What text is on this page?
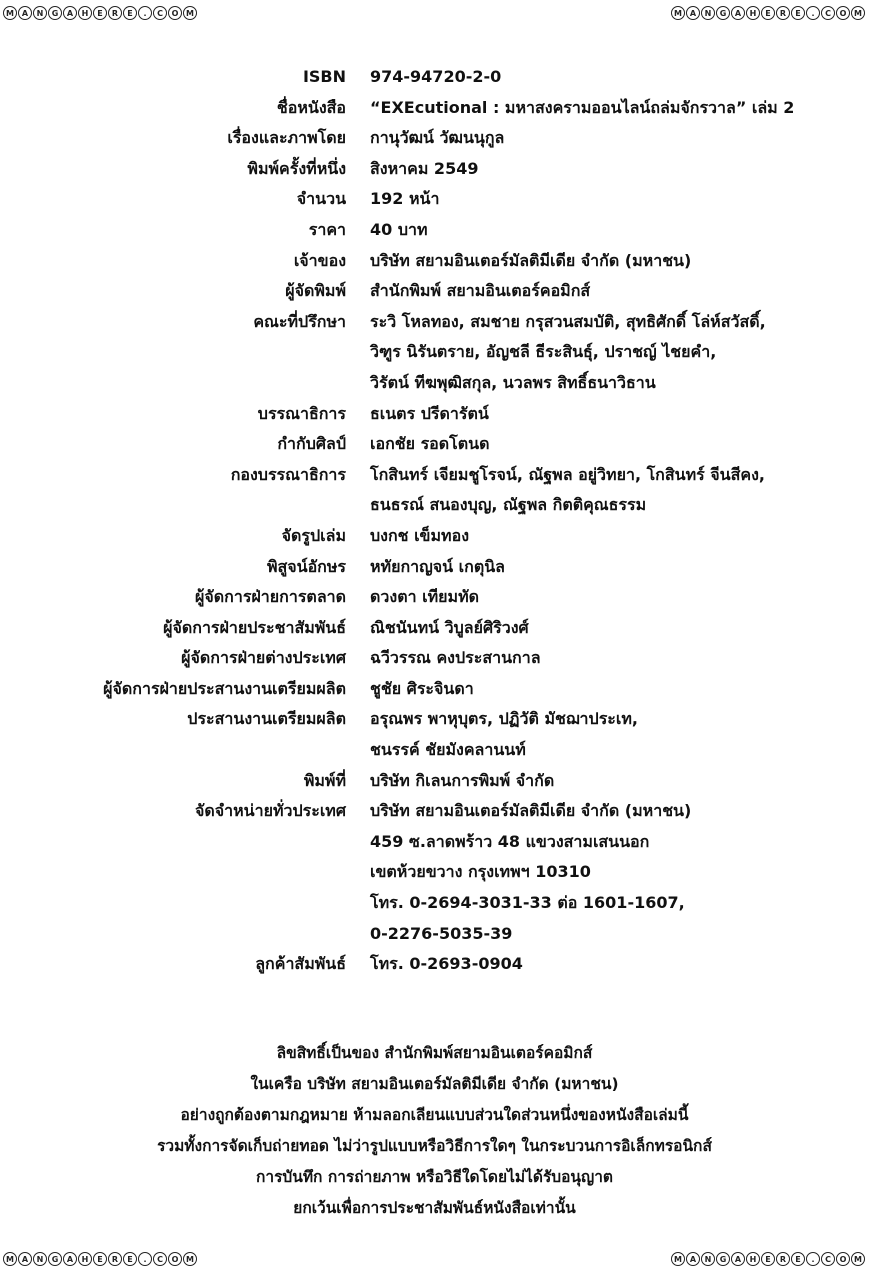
M A	N	G	A	H	E	R	E	.	C	O M	M A	N	G	A	H	E	R	E	.	C	O M
M A	N	G	A	H	E	R	E	.	C	O M	M A	N	G	A	H	E	R	E	.	C	O M
ISBN 974-94720-2-0
ชื่อหนังสือ “EXEcutional : มหาสงครามออนไลน์ถล่มจักรวาล” เล่ม 2
เรื่องและภาพโดย กานุวัฒน์ วัฒนนุกูล
พิมพ์ครั้งที่หนึ่ง สิงหาคม 2549
จำนวน 192 หน้า
ราคา 40 บาท
เจ้าของ บริษัท สยามอินเตอร์มัลติมีเดีย จำกัด (มหาชน)
ผู้จัดพิมพ์ สำนักพิมพ์ สยามอินเตอร์คอมิกส์
คณะที่ปรึกษา ระวิ โหลทอง, สมชาย กรุสวนสมบัติ, สุทธิศักดิ์ โล่ห์สวัสดิ์,
วิฑูร นิรันตราย, อัญชลี ธีระสินธุ์, ปราชญ์ ไชยคำ,
วิรัตน์ ทีฆพุฒิสกุล, นวลพร สิทธิ์ธนาวิธาน
บรรณาธิการ ธเนตร ปรีดารัตน์
กำกับศิลป์ เอกชัย รอดโตนด
กองบรรณาธิการ โกสินทร์ เจียมชูโรจน์, ณัฐพล อยู่วิทยา, โกสินทร์ จีนสีคง,
ธนธรณ์ สนองบุญ, ณัฐพล กิตติคุณธรรม
จัดรูปเล่ม บงกช เข็มทอง
พิสูจน์อักษร หทัยกาญจน์ เกตุนิล
ผู้จัดการฝ่ายการตลาด ดวงตา เทียมทัด
ผู้จัดการฝ่ายประชาสัมพันธ์ ณิชนันทน์ วิบูลย์ศิริวงศ์
ผู้จัดการฝ่ายต่างประเทศ ฉวีวรรณ คงประสานกาล
ผู้จัดการฝ่ายประสานงานเตรียมผลิต ชูชัย ศิระจินดา
ประสานงานเตรียมผลิต อรุณพร พาหุบุตร, ปฏิวัติ มัชฌาประเท,
ชนรรค์ ชัยมังคลานนท์
พิมพ์ที่ บริษัท กิเลนการพิมพ์ จำกัด
จัดจำหน่ายทั่วประเทศ บริษัท สยามอินเตอร์มัลติมีเดีย จำกัด (มหาชน)
459 ซ.ลาดพร้าว 48 แขวงสามเสนนอก
เขตห้วยขวาง กรุงเทพฯ 10310
โทร. 0-2694-3031-33 ต่อ 1601-1607,
0-2276-5035-39
ลูกค้าสัมพันธ์ โทร. 0-2693-0904
ลิขสิทธิ์เป็นของ สำนักพิมพ์สยามอินเตอร์คอมิกส์
ในเครือ บริษัท สยามอินเตอร์มัลติมีเดีย จำกัด (มหาชน)
อย่างถูกต้องตามกฎหมาย ห้ามลอกเลียนแบบส่วนใดส่วนหนึ่งของหนังสือเล่มนี้
รวมทั้งการจัดเก็บถ่ายทอด ไม่ว่ารูปแบบหรือวิธีการใดๆ ในกระบวนการอิเล็กทรอนิกส์
การบันทึก การถ่ายภาพ หรือวิธีใดโดยไม่ได้รับอนุญาต
ยกเว้นเพื่อการประชาสัมพันธ์หนังสือเท่านั้น
